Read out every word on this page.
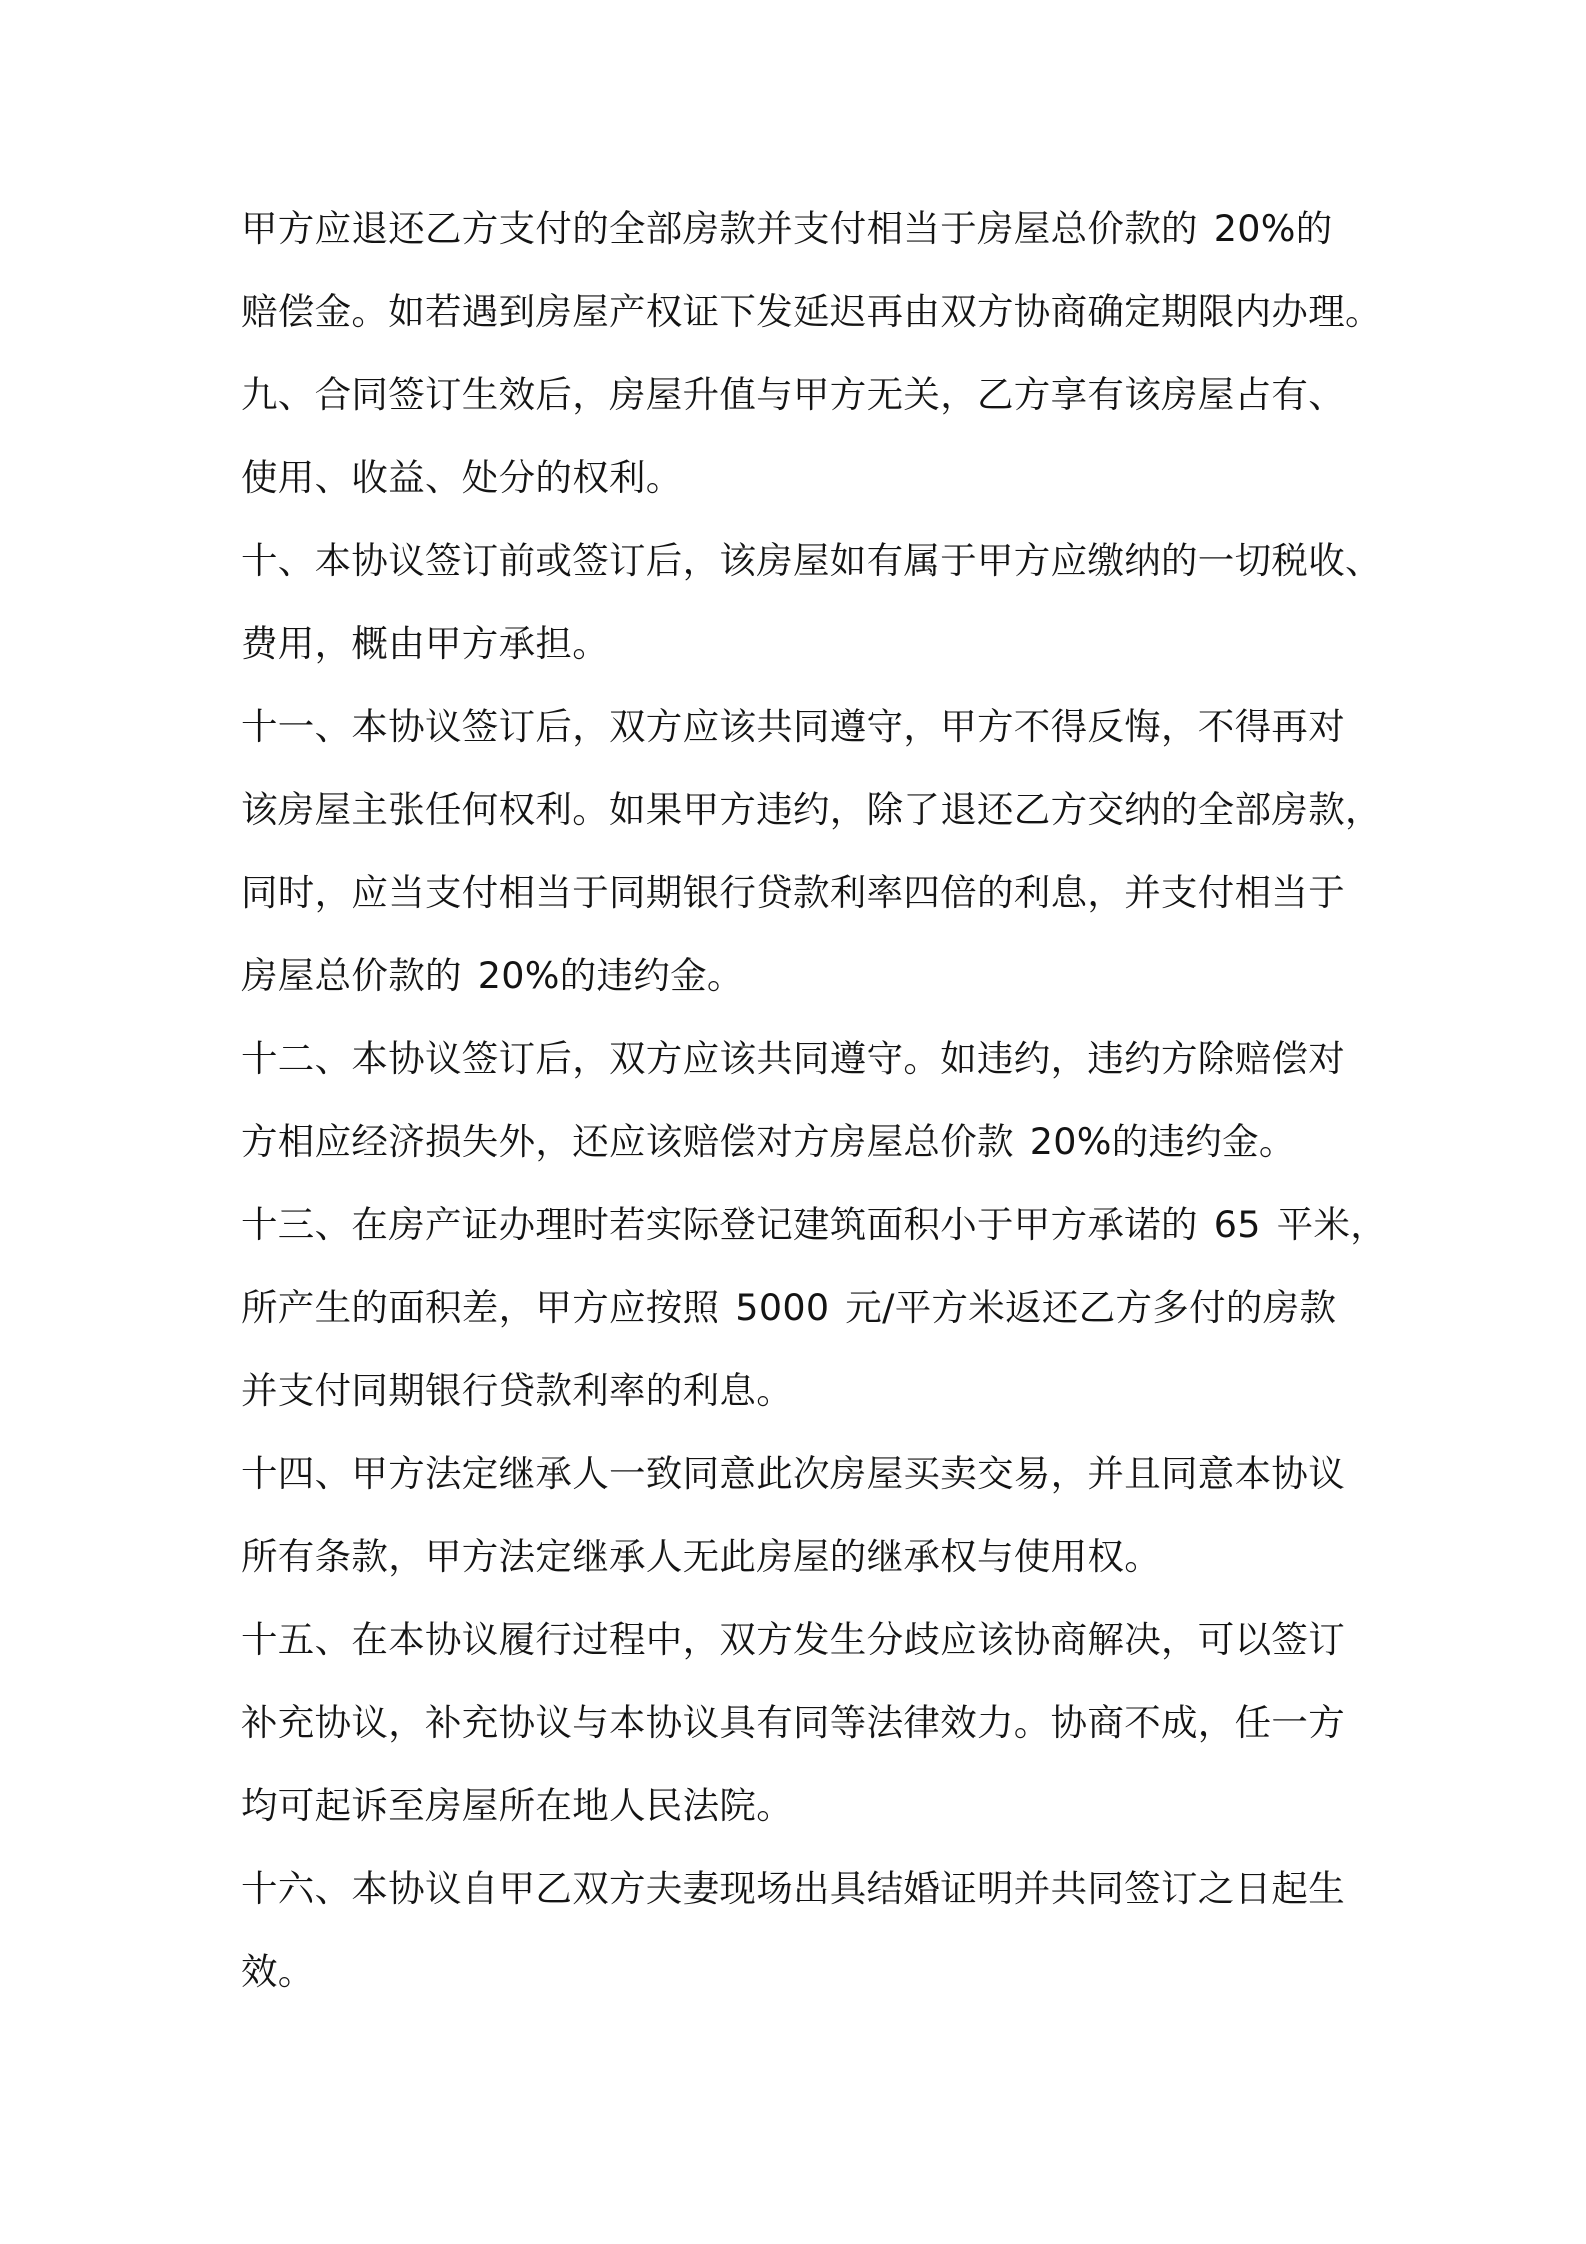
甲方应退还乙方支付的全部房款并支付相当于房屋总价款的 20%的
赔偿金。如若遇到房屋产权证下发延迟再由双方协商确定期限内办理。
九、合同签订生效后，房屋升值与甲方无关，乙方享有该房屋占有、
使用、收益、处分的权利。
十、本协议签订前或签订后，该房屋如有属于甲方应缴纳的一切税收、
费用，概由甲方承担。
十一、本协议签订后，双方应该共同遵守，甲方不得反悔，不得再对
该房屋主张任何权利。如果甲方违约，除了退还乙方交纳的全部房款，
同时，应当支付相当于同期银行贷款利率四倍的利息，并支付相当于
房屋总价款的 20%的违约金。
十二、本协议签订后，双方应该共同遵守。如违约，违约方除赔偿对
方相应经济损失外，还应该赔偿对方房屋总价款 20%的违约金。
十三、在房产证办理时若实际登记建筑面积小于甲方承诺的 65 平米，
所产生的面积差，甲方应按照 5000 元/平方米返还乙方多付的房款
并支付同期银行贷款利率的利息。
十四、甲方法定继承人一致同意此次房屋买卖交易，并且同意本协议
所有条款，甲方法定继承人无此房屋的继承权与使用权。
十五、在本协议履行过程中，双方发生分歧应该协商解决，可以签订
补充协议，补充协议与本协议具有同等法律效力。协商不成，任一方
均可起诉至房屋所在地人民法院。
十六、本协议自甲乙双方夫妻现场出具结婚证明并共同签订之日起生
效。
